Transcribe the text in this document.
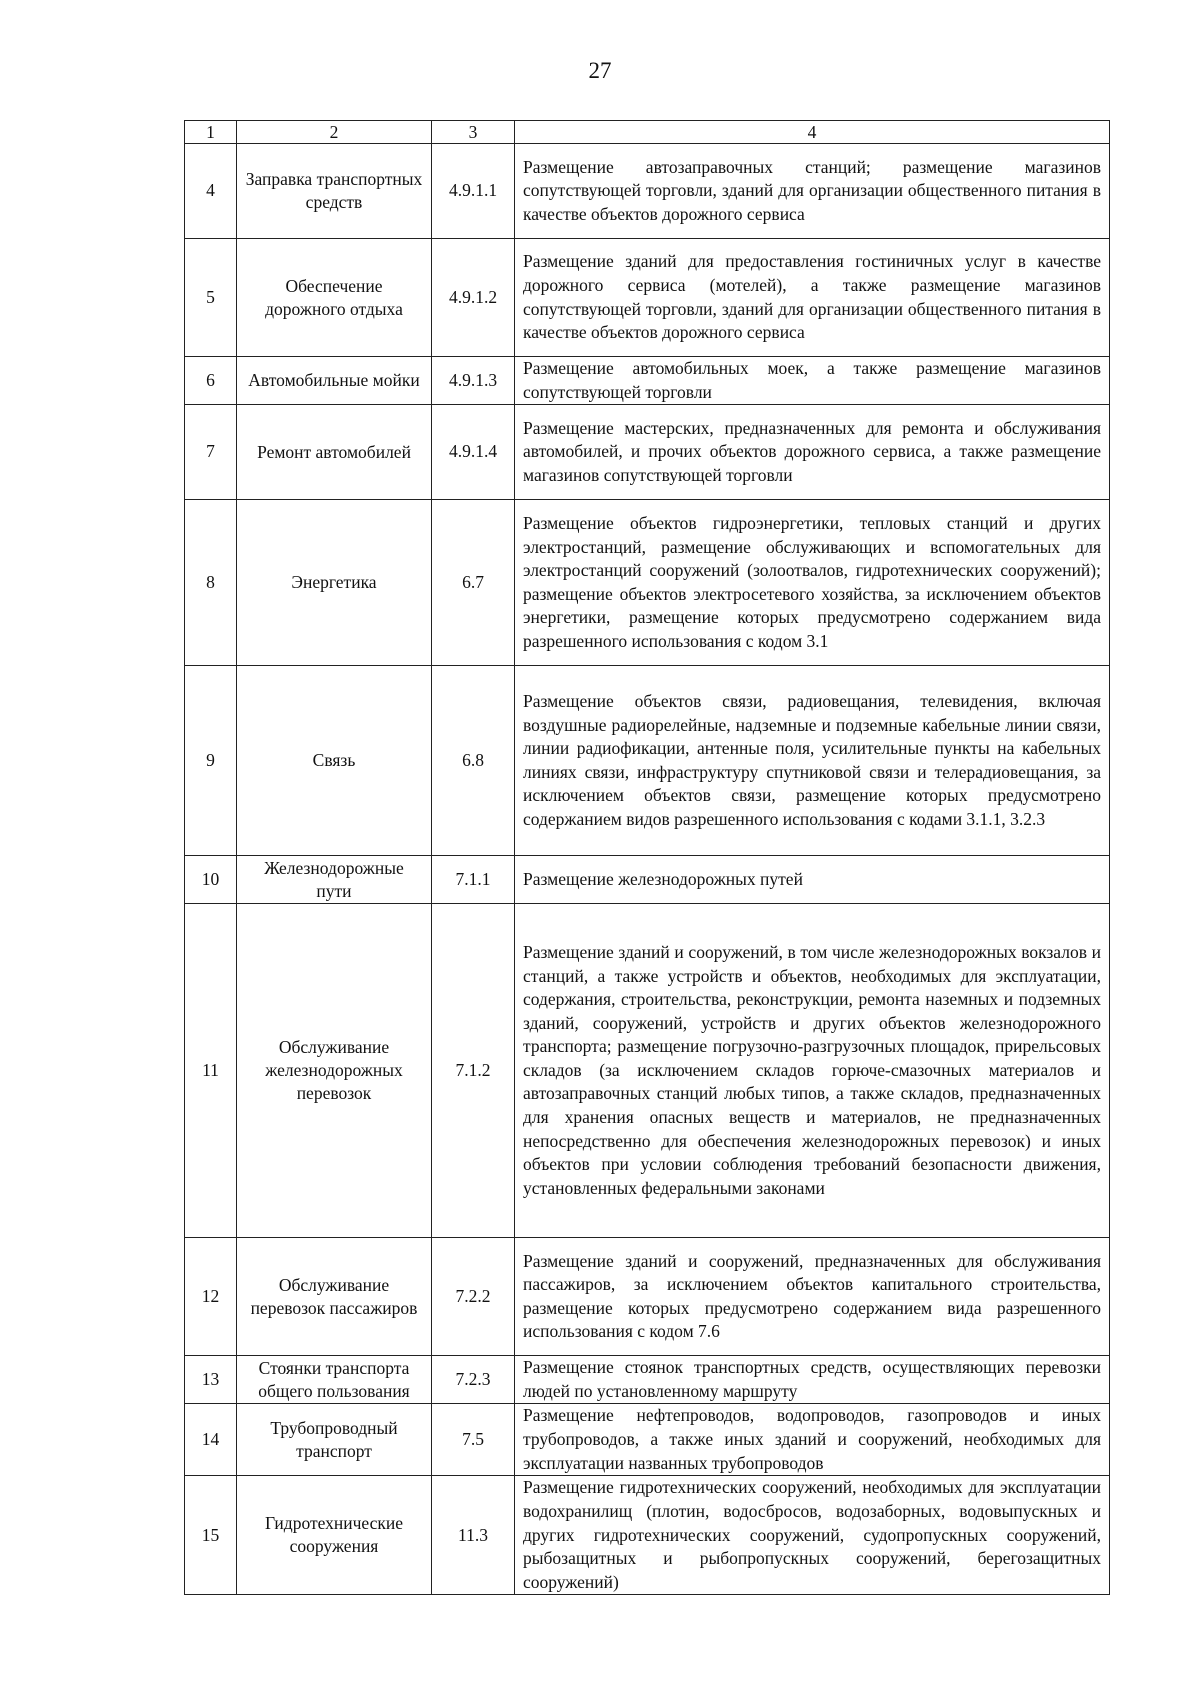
27
1	2	3	4
4	Заправка транспортных средств	4.9.1.1	Размещение автозаправочных станций; размещение магазинов сопутствующей торговли, зданий для организации общественного питания в качестве объектов дорожного сервиса
5	Обеспечение дорожного отдыха	4.9.1.2	Размещение зданий для предоставления гостиничных услуг в качестве дорожного сервиса (мотелей), а также размещение магазинов сопутствующей торговли, зданий для организации общественного питания в качестве объектов дорожного сервиса
6	Автомобильные мойки	4.9.1.3	Размещение автомобильных моек, а также размещение магазинов сопутствующей торговли
7	Ремонт автомобилей	4.9.1.4	Размещение мастерских, предназначенных для ремонта и обслуживания автомобилей, и прочих объектов дорожного сервиса, а также размещение магазинов сопутствующей торговли
8	Энергетика	6.7	Размещение объектов гидроэнергетики, тепловых станций и других электростанций, размещение обслуживающих и вспомогательных для электростанций сооружений (золоотвалов, гидротехнических сооружений); размещение объектов электросетевого хозяйства, за исключением объектов энергетики, размещение которых предусмотрено содержанием вида разрешенного использования с кодом 3.1
9	Связь	6.8	Размещение объектов связи, радиовещания, телевидения, включая воздушные радиорелейные, надземные и подземные кабельные линии связи, линии радиофикации, антенные поля, усилительные пункты на кабельных линиях связи, инфраструктуру спутниковой связи и телерадиовещания, за исключением объектов связи, размещение которых предусмотрено содержанием видов разрешенного использования с кодами 3.1.1, 3.2.3
10	Железнодорожные пути	7.1.1	Размещение железнодорожных путей
11	Обслуживание железнодорожных перевозок	7.1.2	Размещение зданий и сооружений, в том числе железнодорожных вокзалов и станций, а также устройств и объектов, необходимых для эксплуатации, содержания, строительства, реконструкции, ремонта наземных и подземных зданий, сооружений, устройств и других объектов железнодорожного транспорта; размещение погрузочно-разгрузочных площадок, прирельсовых складов (за исключением складов горюче-смазочных материалов и автозаправочных станций любых типов, а также складов, предназначенных для хранения опасных веществ и материалов, не предназначенных непосредственно для обеспечения железнодорожных перевозок) и иных объектов при условии соблюдения требований безопасности движения, установленных федеральными законами
12	Обслуживание перевозок пассажиров	7.2.2	Размещение зданий и сооружений, предназначенных для обслуживания пассажиров, за исключением объектов капитального строительства, размещение которых предусмотрено содержанием вида разрешенного использования с кодом 7.6
13	Стоянки транспорта общего пользования	7.2.3	Размещение стоянок транспортных средств, осуществляющих перевозки людей по установленному маршруту
14	Трубопроводный транспорт	7.5	Размещение нефтепроводов, водопроводов, газопроводов и иных трубопроводов, а также иных зданий и сооружений, необходимых для эксплуатации названных трубопроводов
15	Гидротехнические сооружения	11.3	Размещение гидротехнических сооружений, необходимых для эксплуатации водохранилищ (плотин, водосбросов, водозаборных, водовыпускных и других гидротехнических сооружений, судопропускных сооружений, рыбозащитных и рыбопропускных сооружений, берегозащитных сооружений)
